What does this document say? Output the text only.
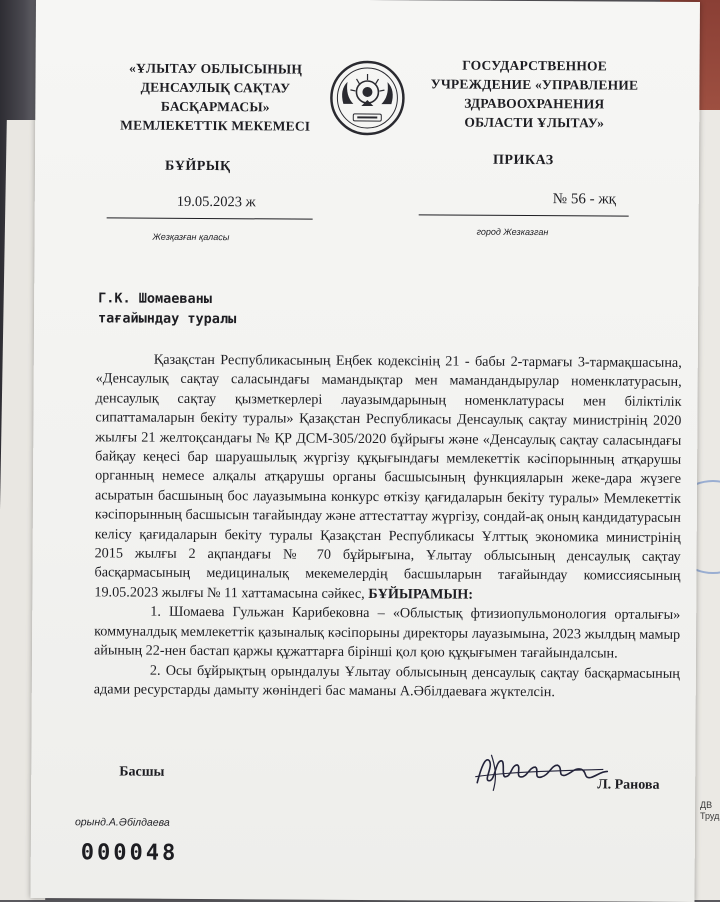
ДВ
Труд
«ҰЛЫТАУ ОБЛЫСЫНЫҢ
ДЕНСАУЛЫҚ САҚТАУ
БАСҚАРМАСЫ»
МЕМЛЕКЕТТІК МЕКЕМЕСІ
ГОСУДАРСТВЕННОЕ
УЧРЕЖДЕНИЕ «УПРАВЛЕНИЕ
ЗДРАВООХРАНЕНИЯ
ОБЛАСТИ ҰЛЫТАУ»
БҰЙРЫҚ	ПРИКАЗ
19.05.2023 ж	№ 56 - жқ
Жезқазған қаласы	город Жезказган
Г.К. Шомаеваны
тағайындау туралы

Қазақстан Республикасының Еңбек кодексінің 21 - бабы 2-тармағы 3-тармақшасына, «Денсаулық сақтау саласындағы мамандықтар мен мамандандырулар номенклатурасын, денсаулық сақтау қызметкерлері лауазымдарының номенклатурасы мен біліктілік сипаттамаларын бекіту туралы» Қазақстан Республикасы Денсаулық сақтау министрінің 2020 жылғы 21 желтоқсандағы № ҚР ДСМ-305/2020 бұйрығы және «Денсаулық сақтау саласындағы байқау кеңесі бар шаруашылық жүргізу құқығындағы мемлекеттік кәсіпорынның атқарушы органның немесе алқалы атқарушы органы басшысының функцияларын жеке-дара жүзеге асыратын басшының бос лауазымына конкурс өткізу қағидаларын бекіту туралы» Мемлекеттік кәсіпорынның басшысын тағайындау және аттестаттау жүргізу, сондай-ақ оның кандидатурасын келісу қағидаларын бекіту туралы Қазақстан Республикасы Ұлттық экономика министрінің 2015 жылғы 2 ақпандағы № 70 бұйрығына, Ұлытау облысының денсаулық сақтау басқармасының медициналық мекемелердің басшыларын тағайындау комиссиясының 19.05.2023 жылғы № 11 хаттамасына сәйкес, БҰЙЫРАМЫН:

1. Шомаева Гульжан Карибековна – «Облыстық фтизиопульмонология орталығы» коммуналдық мемлекеттік қазыналық кәсіпорыны директоры лауазымына, 2023 жылдың мамыр айының 22-нен бастап қаржы құжаттарға бірінші қол қою құқығымен тағайындалсын.

2. Осы бұйрықтың орындалуы Ұлытау облысының денсаулық сақтау басқармасының адами ресурстарды дамыту жөніндегі бас маманы А.Әбілдаеваға жүктелсін.

Басшы
Л. Ранова
орынд.А.Әбілдаева
000048
